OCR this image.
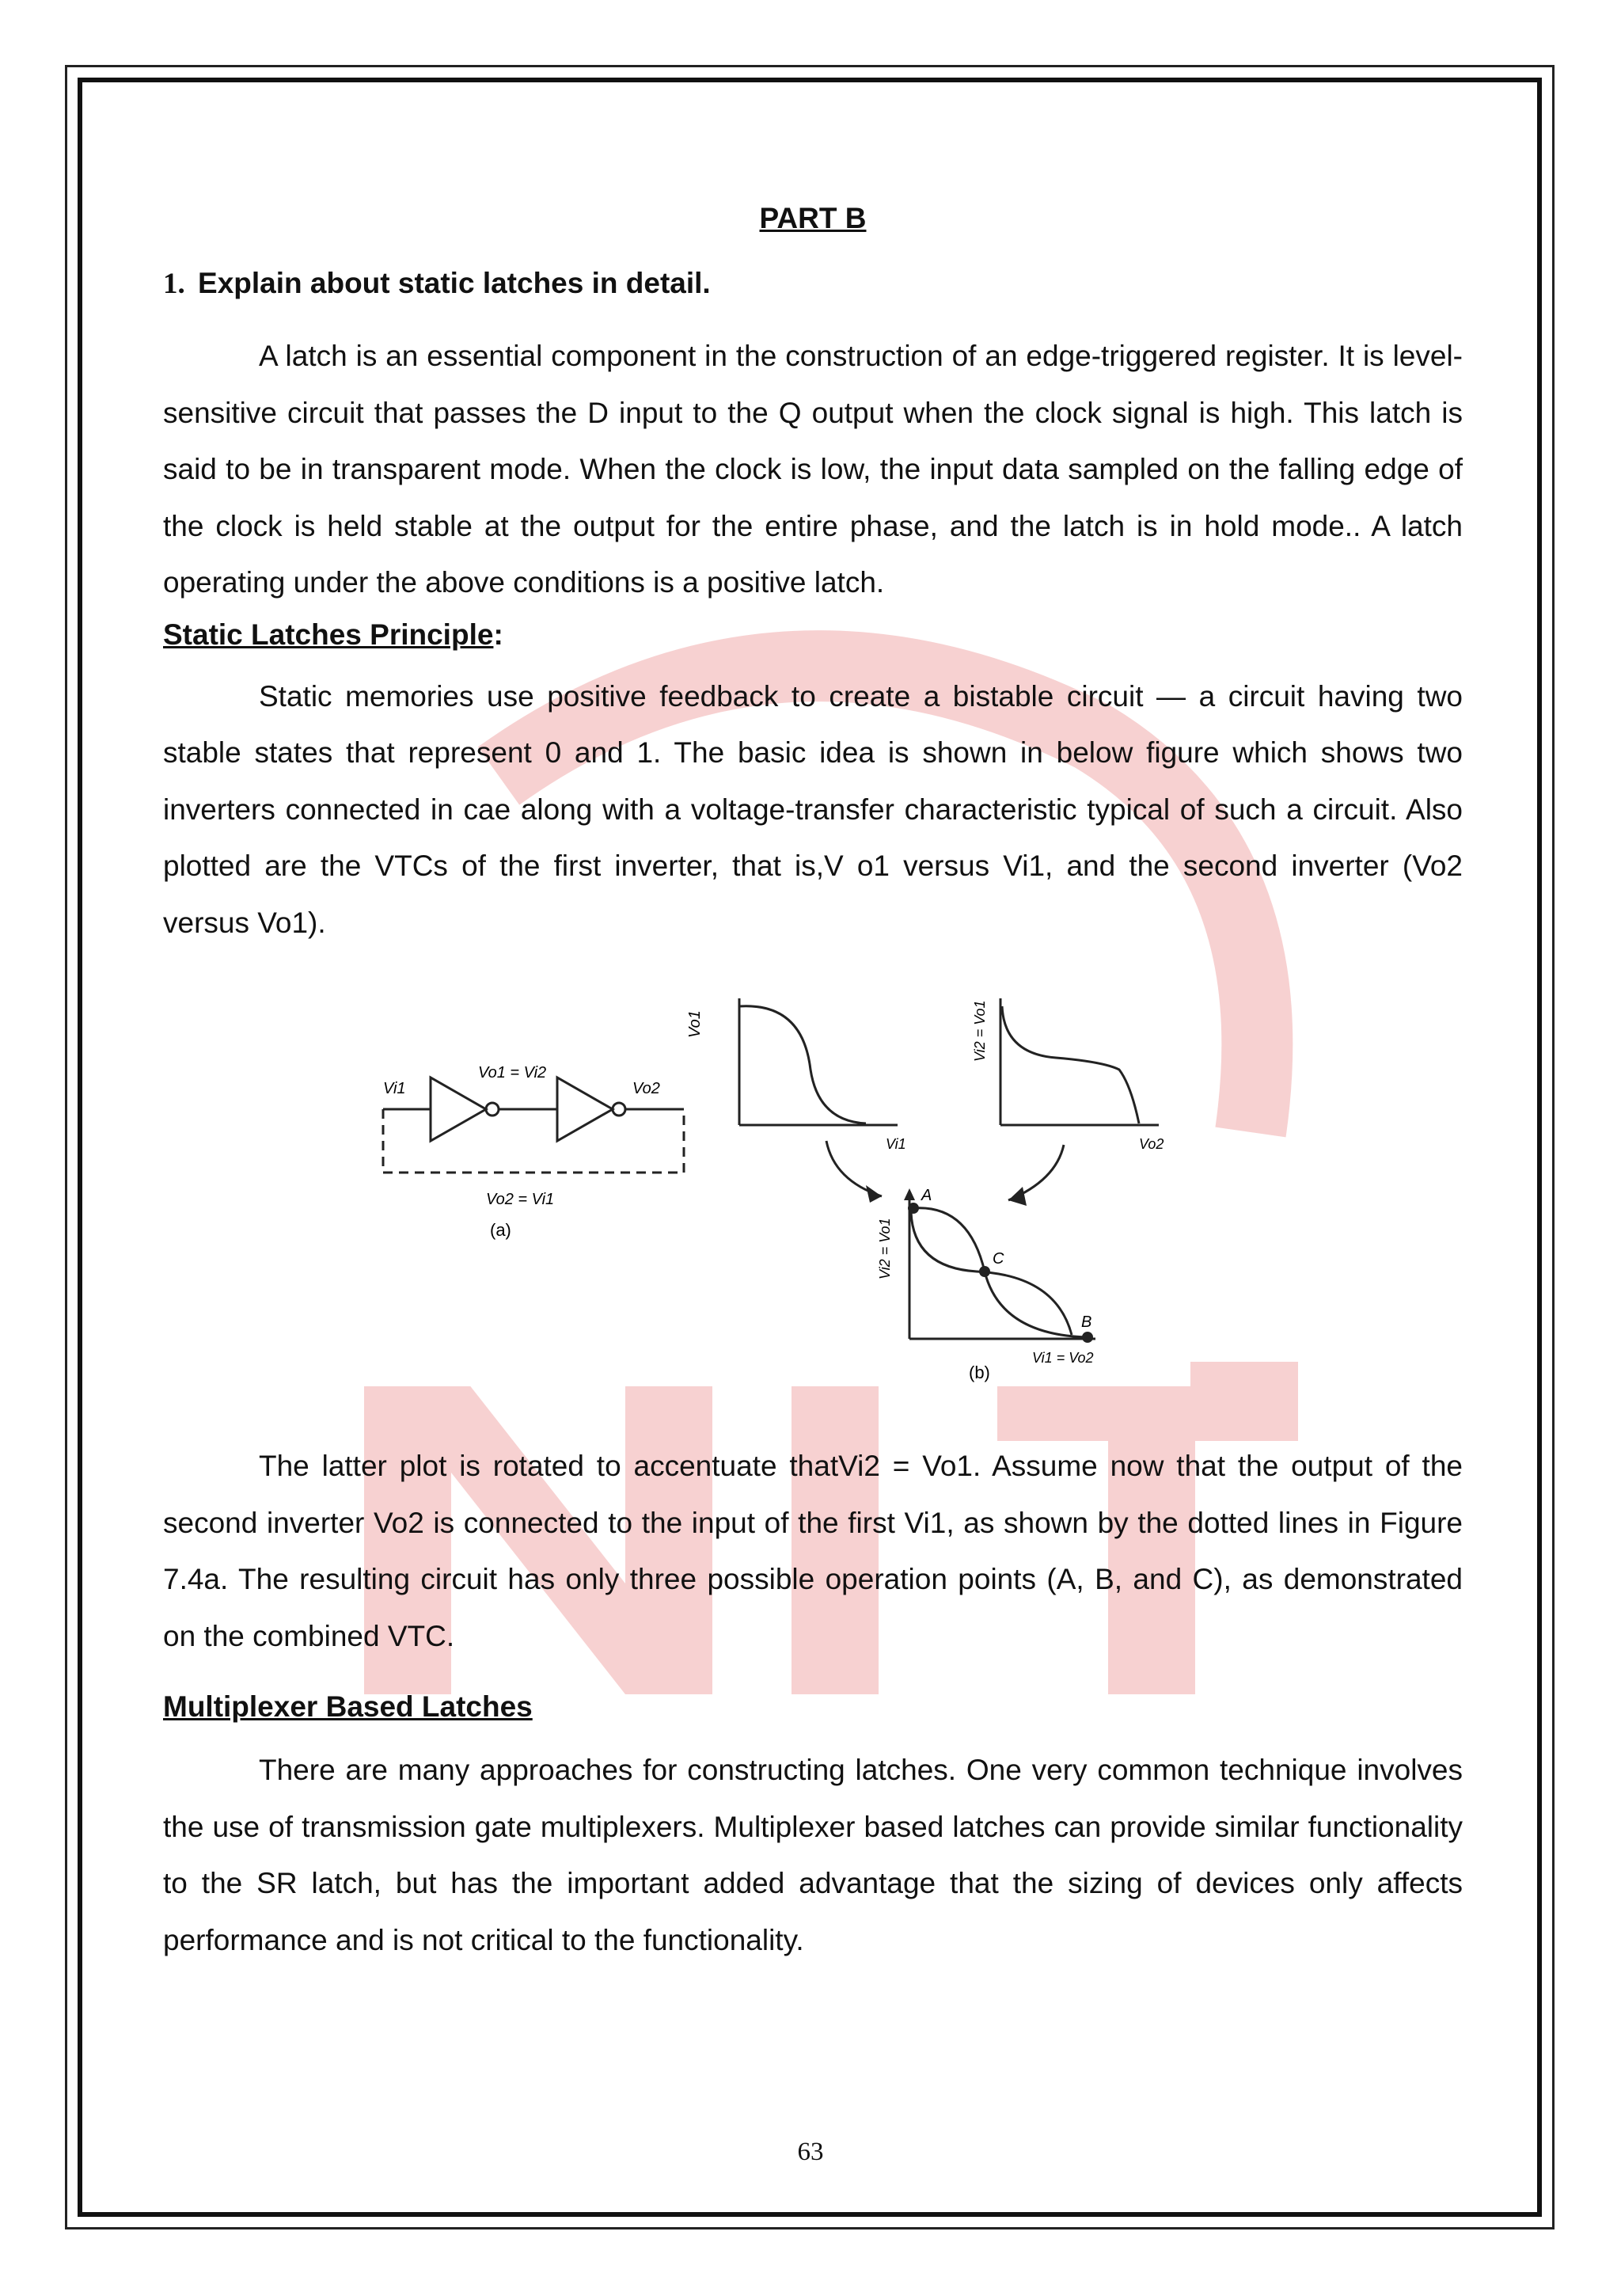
PART B

1. Explain about static latches in detail.

A latch is an essential component in the construction of an edge-triggered register. It is level-sensitive circuit that passes the D input to the Q output when the clock signal is high. This latch is said to be in transparent mode. When the clock is low, the input data sampled on the falling edge of the clock is held stable at the output for the entire phase, and the latch is in hold mode.. A latch operating under the above conditions is a positive latch.

Static Latches Principle:

Static memories use positive feedback to create a bistable circuit — a circuit having two stable states that represent 0 and 1. The basic idea is shown in below figure which shows two inverters connected in cae along with a voltage-transfer characteristic typical of such a circuit. Also plotted are the VTCs of the first inverter, that is,V o1 versus Vi1, and the second inverter (Vo2 versus Vo1).

Vi1
Vo1 = Vi2
Vo2
Vo2 = Vi1
(a)
Vo1
Vi1
Vi2 = Vo1
Vo2
A
C
B
Vi2 = Vo1
Vi1 = Vo2
(b)

The latter plot is rotated to accentuate thatVi2 = Vo1. Assume now that the output of the second inverter Vo2 is connected to the input of the first Vi1, as shown by the dotted lines in Figure 7.4a. The resulting circuit has only three possible operation points (A, B, and C), as demonstrated on the combined VTC.

Multiplexer Based Latches

There are many approaches for constructing latches. One very common technique involves the use of transmission gate multiplexers. Multiplexer based latches can provide similar functionality to the SR latch, but has the important added advantage that the sizing of devices only affects performance and is not critical to the functionality.

63
